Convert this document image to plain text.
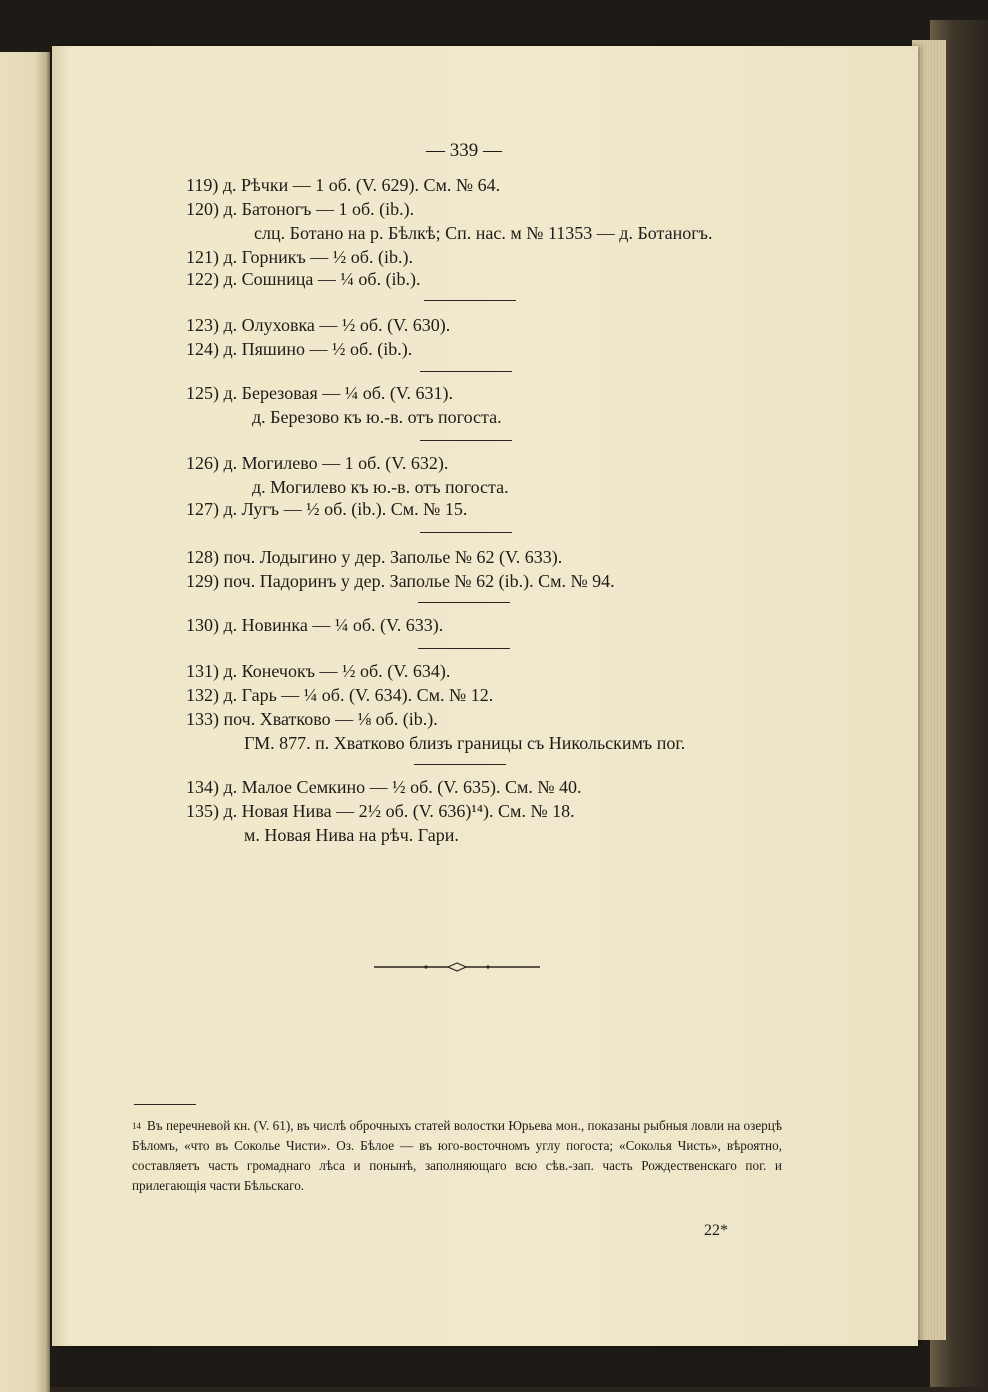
— 339 —
119) д. Рѣчки — 1 об. (V. 629). См. № 64.
120) д. Батоногъ — 1 об. (ib.).
слц. Ботано на р. Бѣлкѣ; Сп. нас. м № 11353 — д. Ботаногъ.
121) д. Горникъ — ½ об. (ib.).
122) д. Сошница — ¼ об. (ib.).
123) д. Олуховка — ½ об. (V. 630).
124) д. Пяшино — ½ об. (ib.).
125) д. Березовая — ¼ об. (V. 631).
д. Березово къ ю.-в. отъ погоста.
126) д. Могилево — 1 об. (V. 632).
д. Могилево къ ю.-в. отъ погоста.
127) д. Лугъ — ½ об. (ib.). См. № 15.
128) поч. Лодыгино у дер. Заполье № 62 (V. 633).
129) поч. Падоринъ у дер. Заполье № 62 (ib.). См. № 94.
130) д. Новинка — ¼ об. (V. 633).
131) д. Конечокъ — ½ об. (V. 634).
132) д. Гарь — ¼ об. (V. 634). См. № 12.
133) поч. Хватково — ⅛ об. (ib.).
ГМ. 877. п. Хватково близъ границы съ Никольскимъ пог.
134) д. Малое Семкино — ½ об. (V. 635). См. № 40.
135) д. Новая Нива — 2½ об. (V. 636)¹⁴). См. № 18.
м. Новая Нива на рѣч. Гари.
$^{14}$ Въ перечневой кн. (V. 61), въ числѣ оброчныхъ статей волостки Юрьева мон., показаны рыбныя ловли на озерцѣ Бѣломъ, «что въ Соколье Чисти». Оз. Бѣлое — въ юго-восточномъ углу погоста; «Соколья Чисть», вѣроятно, составляетъ часть громаднаго лѣса и понынѣ, заполняющаго всю сѣв.-зап. часть Рождественскаго пог. и прилегающія части Бѣльскаго.
22*
